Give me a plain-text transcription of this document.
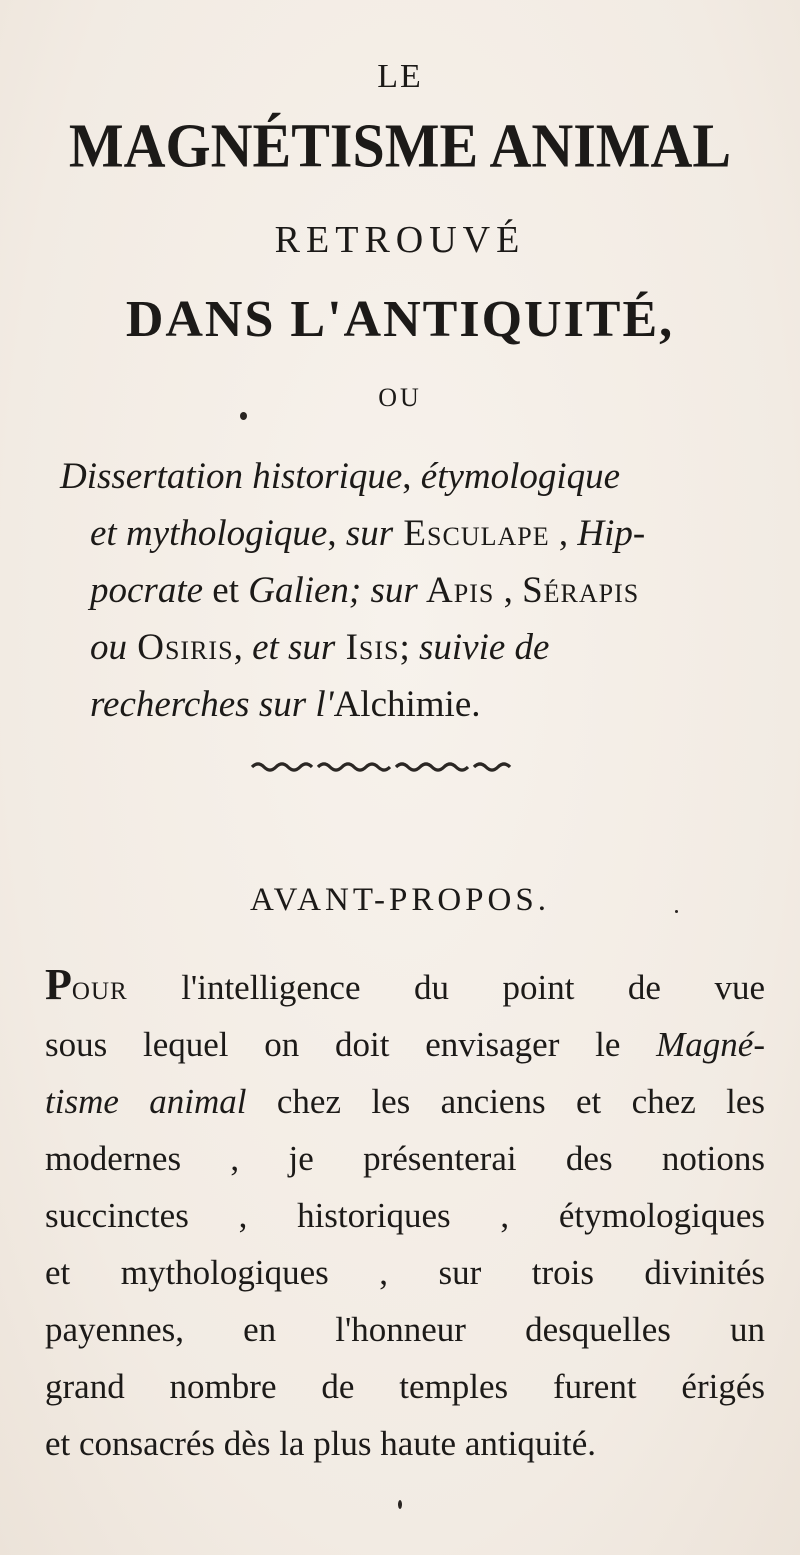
LE
MAGNÉTISME ANIMAL
RETROUVÉ
DANS L'ANTIQUITÉ,
OU
Dissertation historique, étymologique
et mythologique, sur Esculape , Hip-
pocrate et Galien; sur Apis , Sérapis
ou Osiris, et sur Isis; suivie de
recherches sur l'Alchimie.
AVANT-PROPOS.
Pour l'intelligence du point de vue
sous lequel on doit envisager le Magné-
tisme animal chez les anciens et chez les
modernes , je présenterai des notions
succinctes , historiques , étymologiques
et mythologiques , sur trois divinités
payennes, en l'honneur desquelles un
grand nombre de temples furent érigés
et consacrés dès la plus haute antiquité.
